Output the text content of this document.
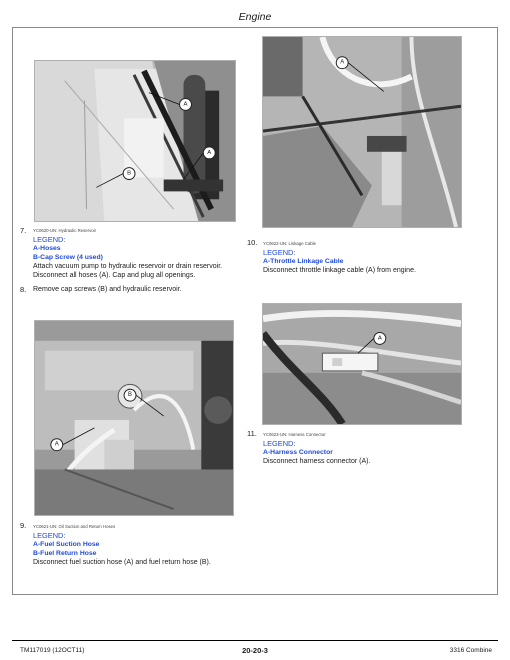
Engine
A
A
B
7. YC0620-UN: Hydraulic Reservoir
LEGEND:
A-Hoses
B-Cap Screw (4 used)
Attach vacuum pump to hydraulic reservoir or drain reservoir.
Disconnect all hoses (A). Cap and plug all openings.
8. Remove cap screws (B) and hydraulic reservoir.
A
B
9. YC0621-UN: Oil Suction and Return Hoses
LEGEND:
A-Fuel Suction Hose
B-Fuel Return Hose
Disconnect fuel suction hose (A) and fuel return hose (B).
A
10. YC0622-UN: Linkage Cable
LEGEND:
A-Throttle Linkage Cable
Disconnect throttle linkage cable (A) from engine.
A
11. YC0623-UN: Harness Connector
LEGEND:
A-Harness Connector
Disconnect harness connector (A).
TM117019 (12OCT11)	20-20-3	3316 Combine
